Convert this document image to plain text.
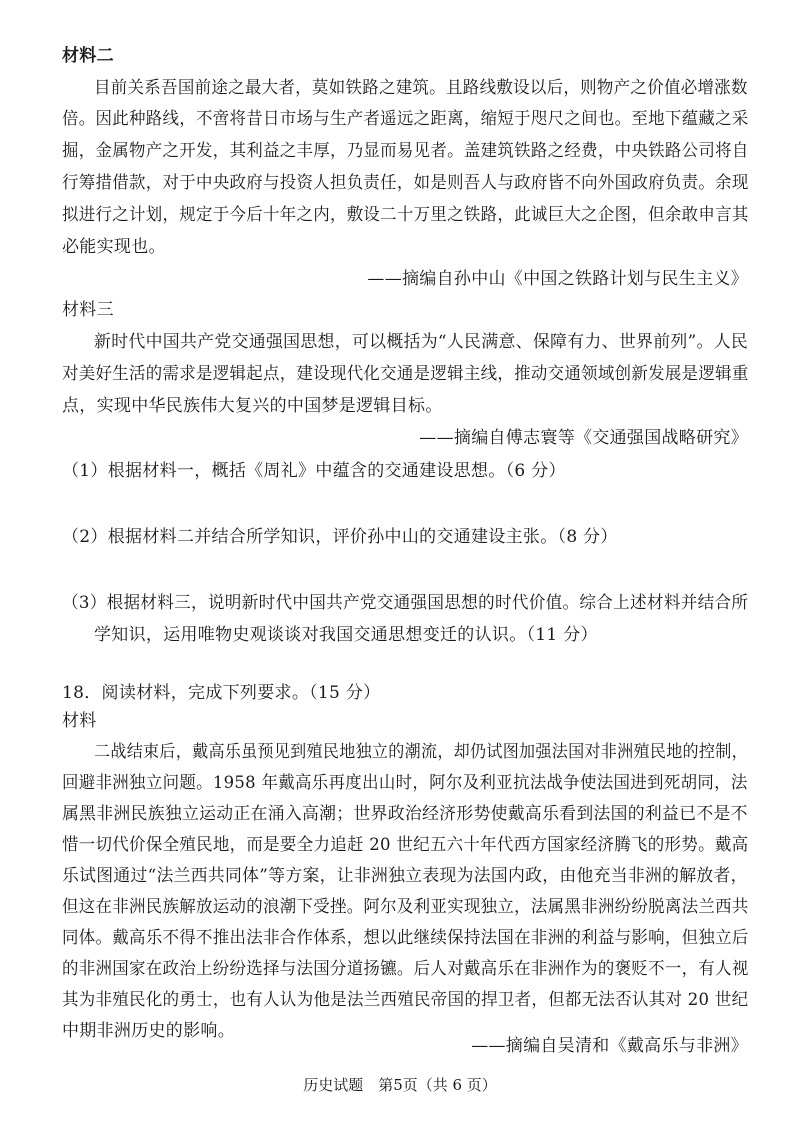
材料二
目前关系吾国前途之最大者，莫如铁路之建筑。且路线敷设以后，则物产之价值必增涨数
倍。因此种路线，不啻将昔日市场与生产者遥远之距离，缩短于咫尺之间也。至地下蕴藏之采
掘，金属物产之开发，其利益之丰厚，乃显而易见者。盖建筑铁路之经费，中央铁路公司将自
行筹措借款，对于中央政府与投资人担负责任，如是则吾人与政府皆不向外国政府负责。余现
拟进行之计划，规定于今后十年之内，敷设二十万里之铁路，此诚巨大之企图，但余敢申言其
必能实现也。
——摘编自孙中山《中国之铁路计划与民生主义》
材料三
新时代中国共产党交通强国思想，可以概括为“人民满意、保障有力、世界前列”。人民
对美好生活的需求是逻辑起点，建设现代化交通是逻辑主线，推动交通领域创新发展是逻辑重
点，实现中华民族伟大复兴的中国梦是逻辑目标。
——摘编自傅志寰等《交通强国战略研究》
（1）根据材料一，概括《周礼》中蕴含的交通建设思想。（6 分）
（2）根据材料二并结合所学知识，评价孙中山的交通建设主张。（8 分）
（3）根据材料三，说明新时代中国共产党交通强国思想的时代价值。综合上述材料并结合所
学知识，运用唯物史观谈谈对我国交通思想变迁的认识。（11 分）
18．阅读材料，完成下列要求。（15 分）
材料
二战结束后，戴高乐虽预见到殖民地独立的潮流，却仍试图加强法国对非洲殖民地的控制，
回避非洲独立问题。1958 年戴高乐再度出山时，阿尔及利亚抗法战争使法国进到死胡同，法
属黑非洲民族独立运动正在涌入高潮；世界政治经济形势使戴高乐看到法国的利益已不是不
惜一切代价保全殖民地，而是要全力追赶 20 世纪五六十年代西方国家经济腾飞的形势。戴高
乐试图通过“法兰西共同体”等方案，让非洲独立表现为法国内政，由他充当非洲的解放者，
但这在非洲民族解放运动的浪潮下受挫。阿尔及利亚实现独立，法属黑非洲纷纷脱离法兰西共
同体。戴高乐不得不推出法非合作体系，想以此继续保持法国在非洲的利益与影响，但独立后
的非洲国家在政治上纷纷选择与法国分道扬镳。后人对戴高乐在非洲作为的褒贬不一，有人视
其为非殖民化的勇士，也有人认为他是法兰西殖民帝国的捍卫者，但都无法否认其对 20 世纪
中期非洲历史的影响。
——摘编自吴清和《戴高乐与非洲》
历史试题　第5页（共 6 页）
